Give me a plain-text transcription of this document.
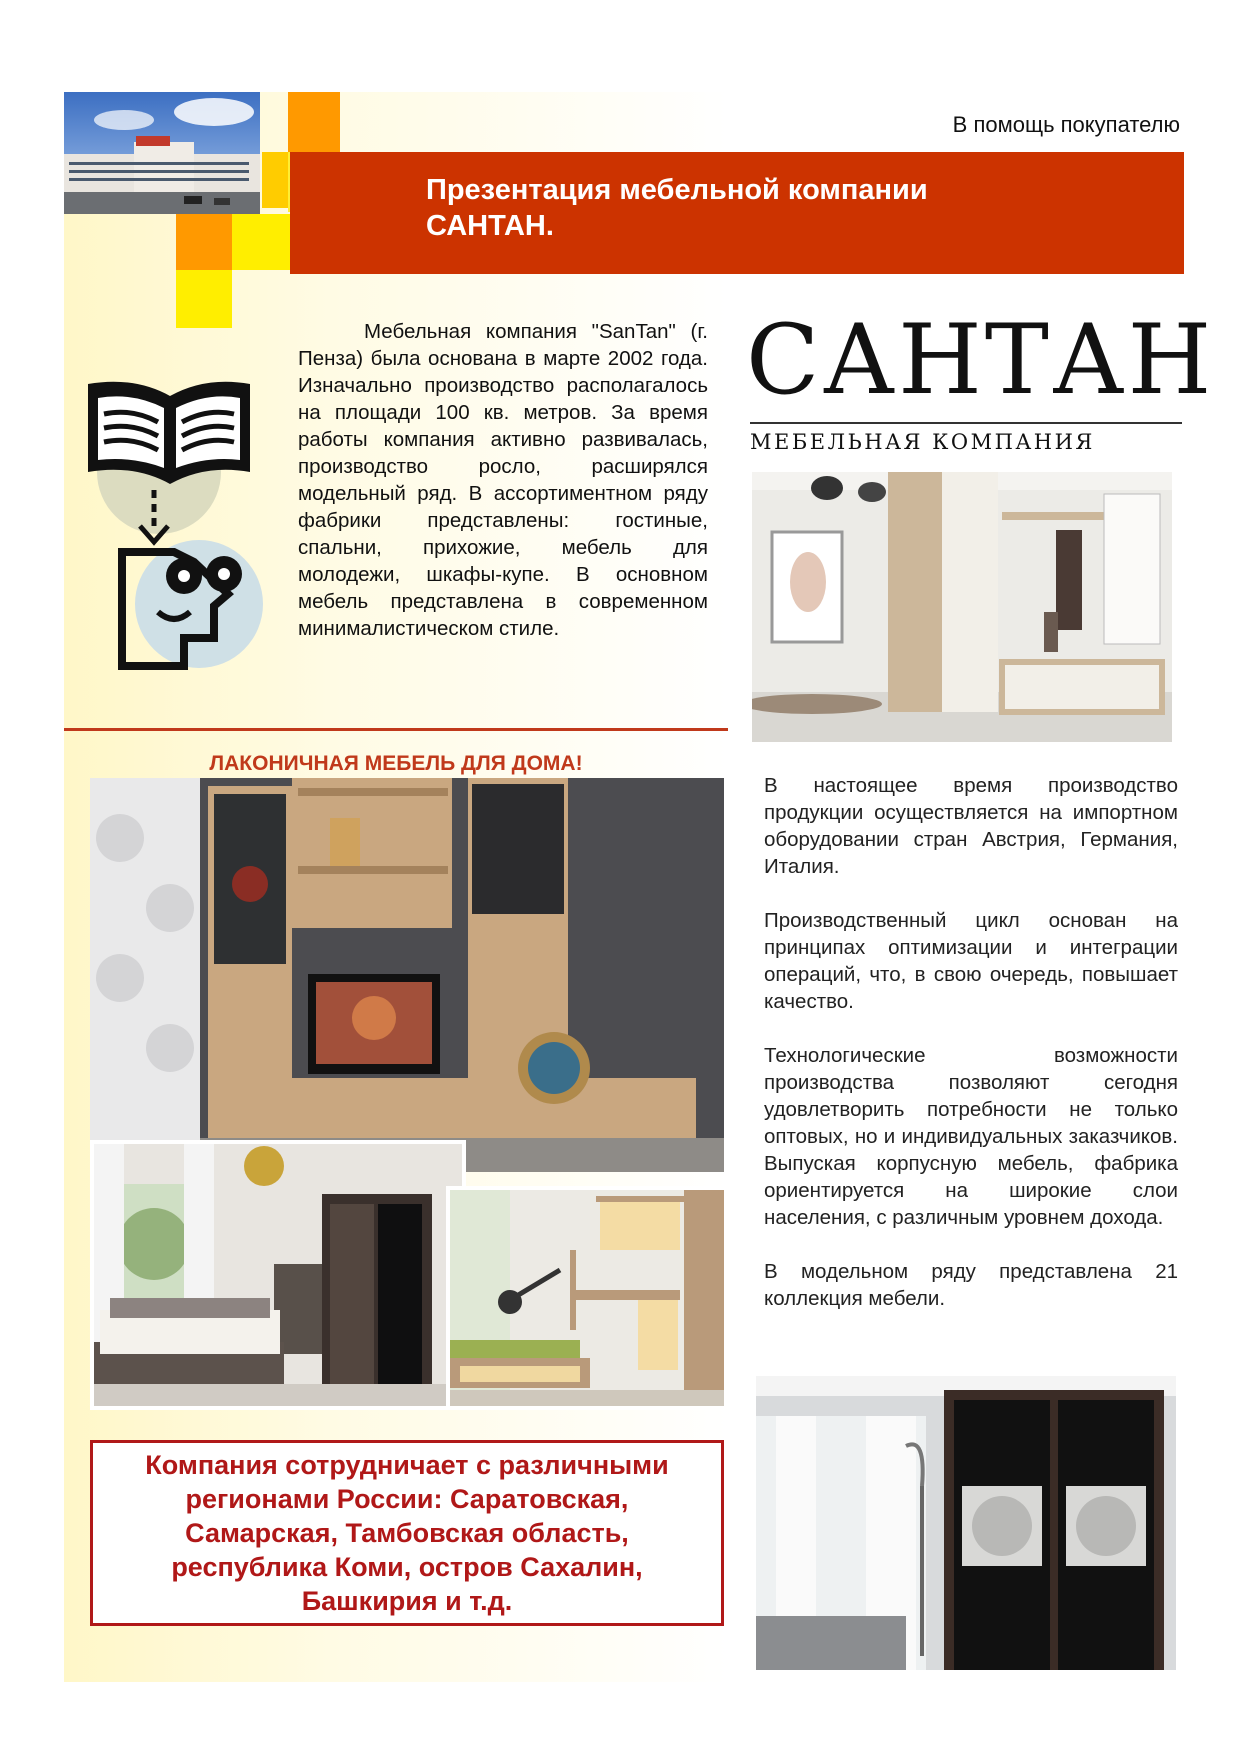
В помощь покупателю
Презентация мебельной компании
САНТАН.
Мебельная компания "SanTan" (г. Пенза) была основана в марте 2002 года. Изначально производство располагалось на площади 100 кв. метров. За время работы компания активно развивалась, производство росло, расширялся модельный ряд. В ассортиментном ряду фабрики представлены: гостиные, спальни, прихожие, мебель для молодежи, шкафы-купе. В основном мебель представлена в современном минималистическом стиле.
САНТАН
МЕБЕЛЬНАЯ КОМПАНИЯ
ЛАКОНИЧНАЯ МЕБЕЛЬ ДЛЯ ДОМА!

В настоящее время производство продукции осуществляется на импортном оборудовании стран Австрия, Германия, Италия.

Производственный цикл основан на принципах оптимизации и интеграции операций, что, в свою очередь, повышает качество.

Технологические возможности производства позволяют сегодня удовлетворить потребности не только оптовых, но и индивидуальных заказчиков. Выпуская корпусную мебель, фабрика ориентируется на широкие слои населения, с различным уровнем дохода.

В модельном ряду представлена 21 коллекция мебели.

Компания сотрудничает с различными регионами России: Саратовская, Самарская, Тамбовская область, республика Коми, остров Сахалин, Башкирия и т.д.
